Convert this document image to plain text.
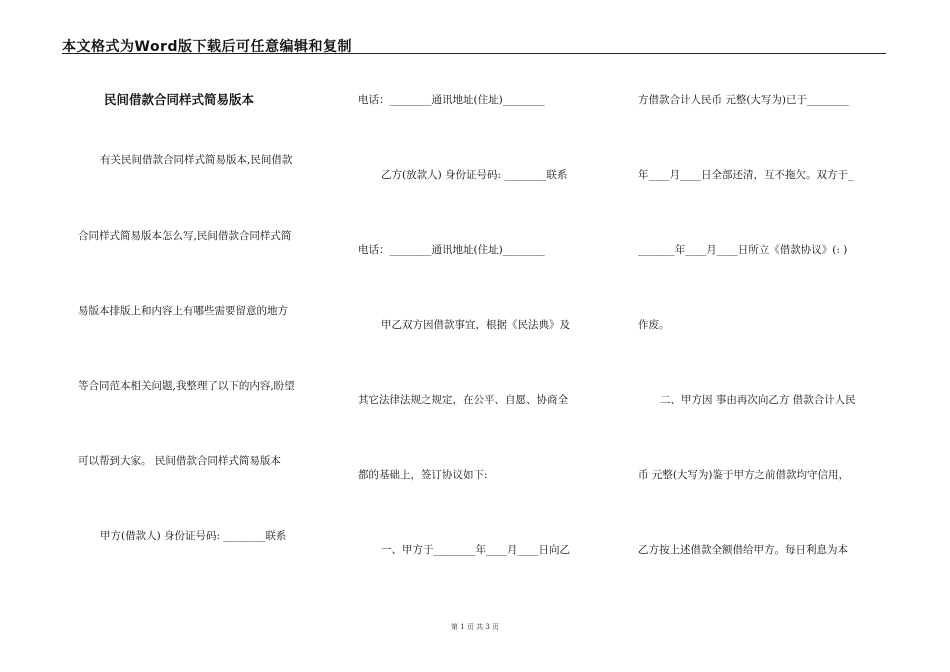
本文格式为Word版下载后可任意编辑和复制
民间借款合同样式简易版本
有关民间借款合同样式简易版本,民间借款
合同样式简易版本怎么写,民间借款合同样式简
易版本排版上和内容上有哪些需要留意的地方
等合同范本相关问题,我整理了以下的内容,盼望
可以帮到大家。 民间借款合同样式简易版本
甲方(借款人) 身份证号码: ________联系
电话：________通讯地址(住址)________
乙方(放款人) 身份证号码: ________联系
电话：________通讯地址(住址)________
甲乙双方因借款事宜，根据《民法典》及
其它法律法规之规定，在公平、自愿、协商全
都的基础上，签订协议如下:
一、甲方于________年____月____日向乙
方借款合计人民币 元整(大写为)已于________
年____月____日全部还清，互不拖欠。双方于_
_______年____月____日所立《借款协议》(: )
作废。
二、甲方因 事由再次向乙方 借款合计人民
币 元整(大写为)鉴于甲方之前借款均守信用，
乙方按上述借款全额借给甲方。每日利息为本
第 1 页 共 3 页
